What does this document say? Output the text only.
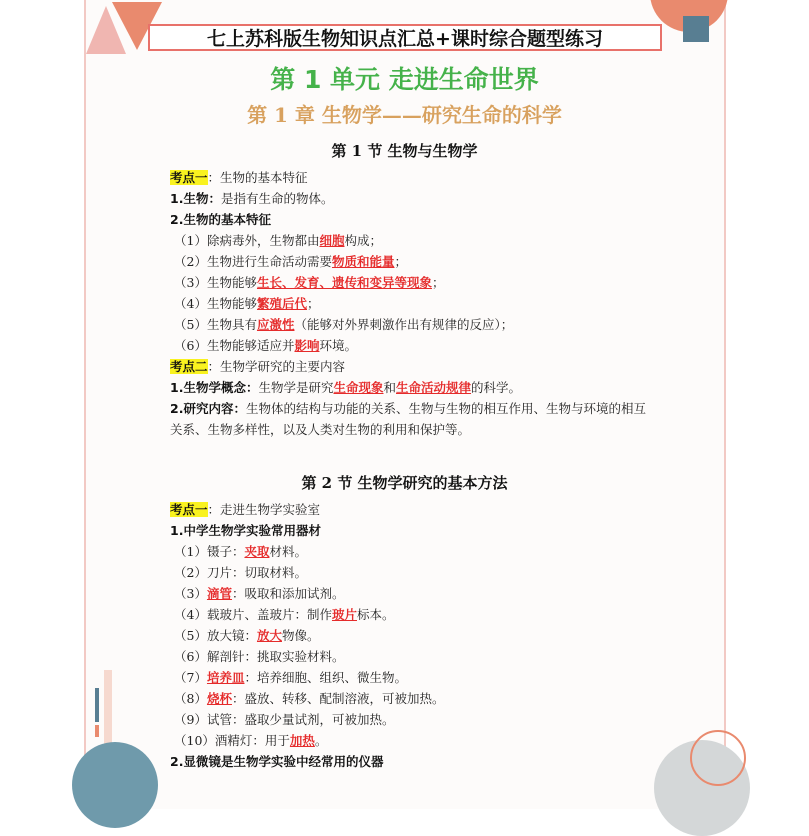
七上苏科版生物知识点汇总+课时综合题型练习
第 1 单元 走进生命世界
第 1 章 生物学——研究生命的科学
第 1 节 生物与生物学
考点一：生物的基本特征
1.生物：是指有生命的物体。
2.生物的基本特征
（1）除病毒外，生物都由细胞构成；
（2）生物进行生命活动需要物质和能量；
（3）生物能够生长、发育、遗传和变异等现象；
（4）生物能够繁殖后代；
（5）生物具有应激性（能够对外界刺激作出有规律的反应）；
（6）生物能够适应并影响环境。
考点二：生物学研究的主要内容
1.生物学概念：生物学是研究生命现象和生命活动规律的科学。
2.研究内容：生物体的结构与功能的关系、生物与生物的相互作用、生物与环境的相互关系、生物多样性，以及人类对生物的利用和保护等。
第 2 节 生物学研究的基本方法
考点一：走进生物学实验室
1.中学生物学实验常用器材
（1）镊子：夹取材料。
（2）刀片：切取材料。
（3）滴管：吸取和添加试剂。
（4）载玻片、盖玻片：制作玻片标本。
（5）放大镜：放大物像。
（6）解剖针：挑取实验材料。
（7）培养皿：培养细胞、组织、微生物。
（8）烧杯：盛放、转移、配制溶液，可被加热。
（9）试管：盛取少量试剂，可被加热。
（10）酒精灯：用于加热。
2.显微镜是生物学实验中经常用的仪器
